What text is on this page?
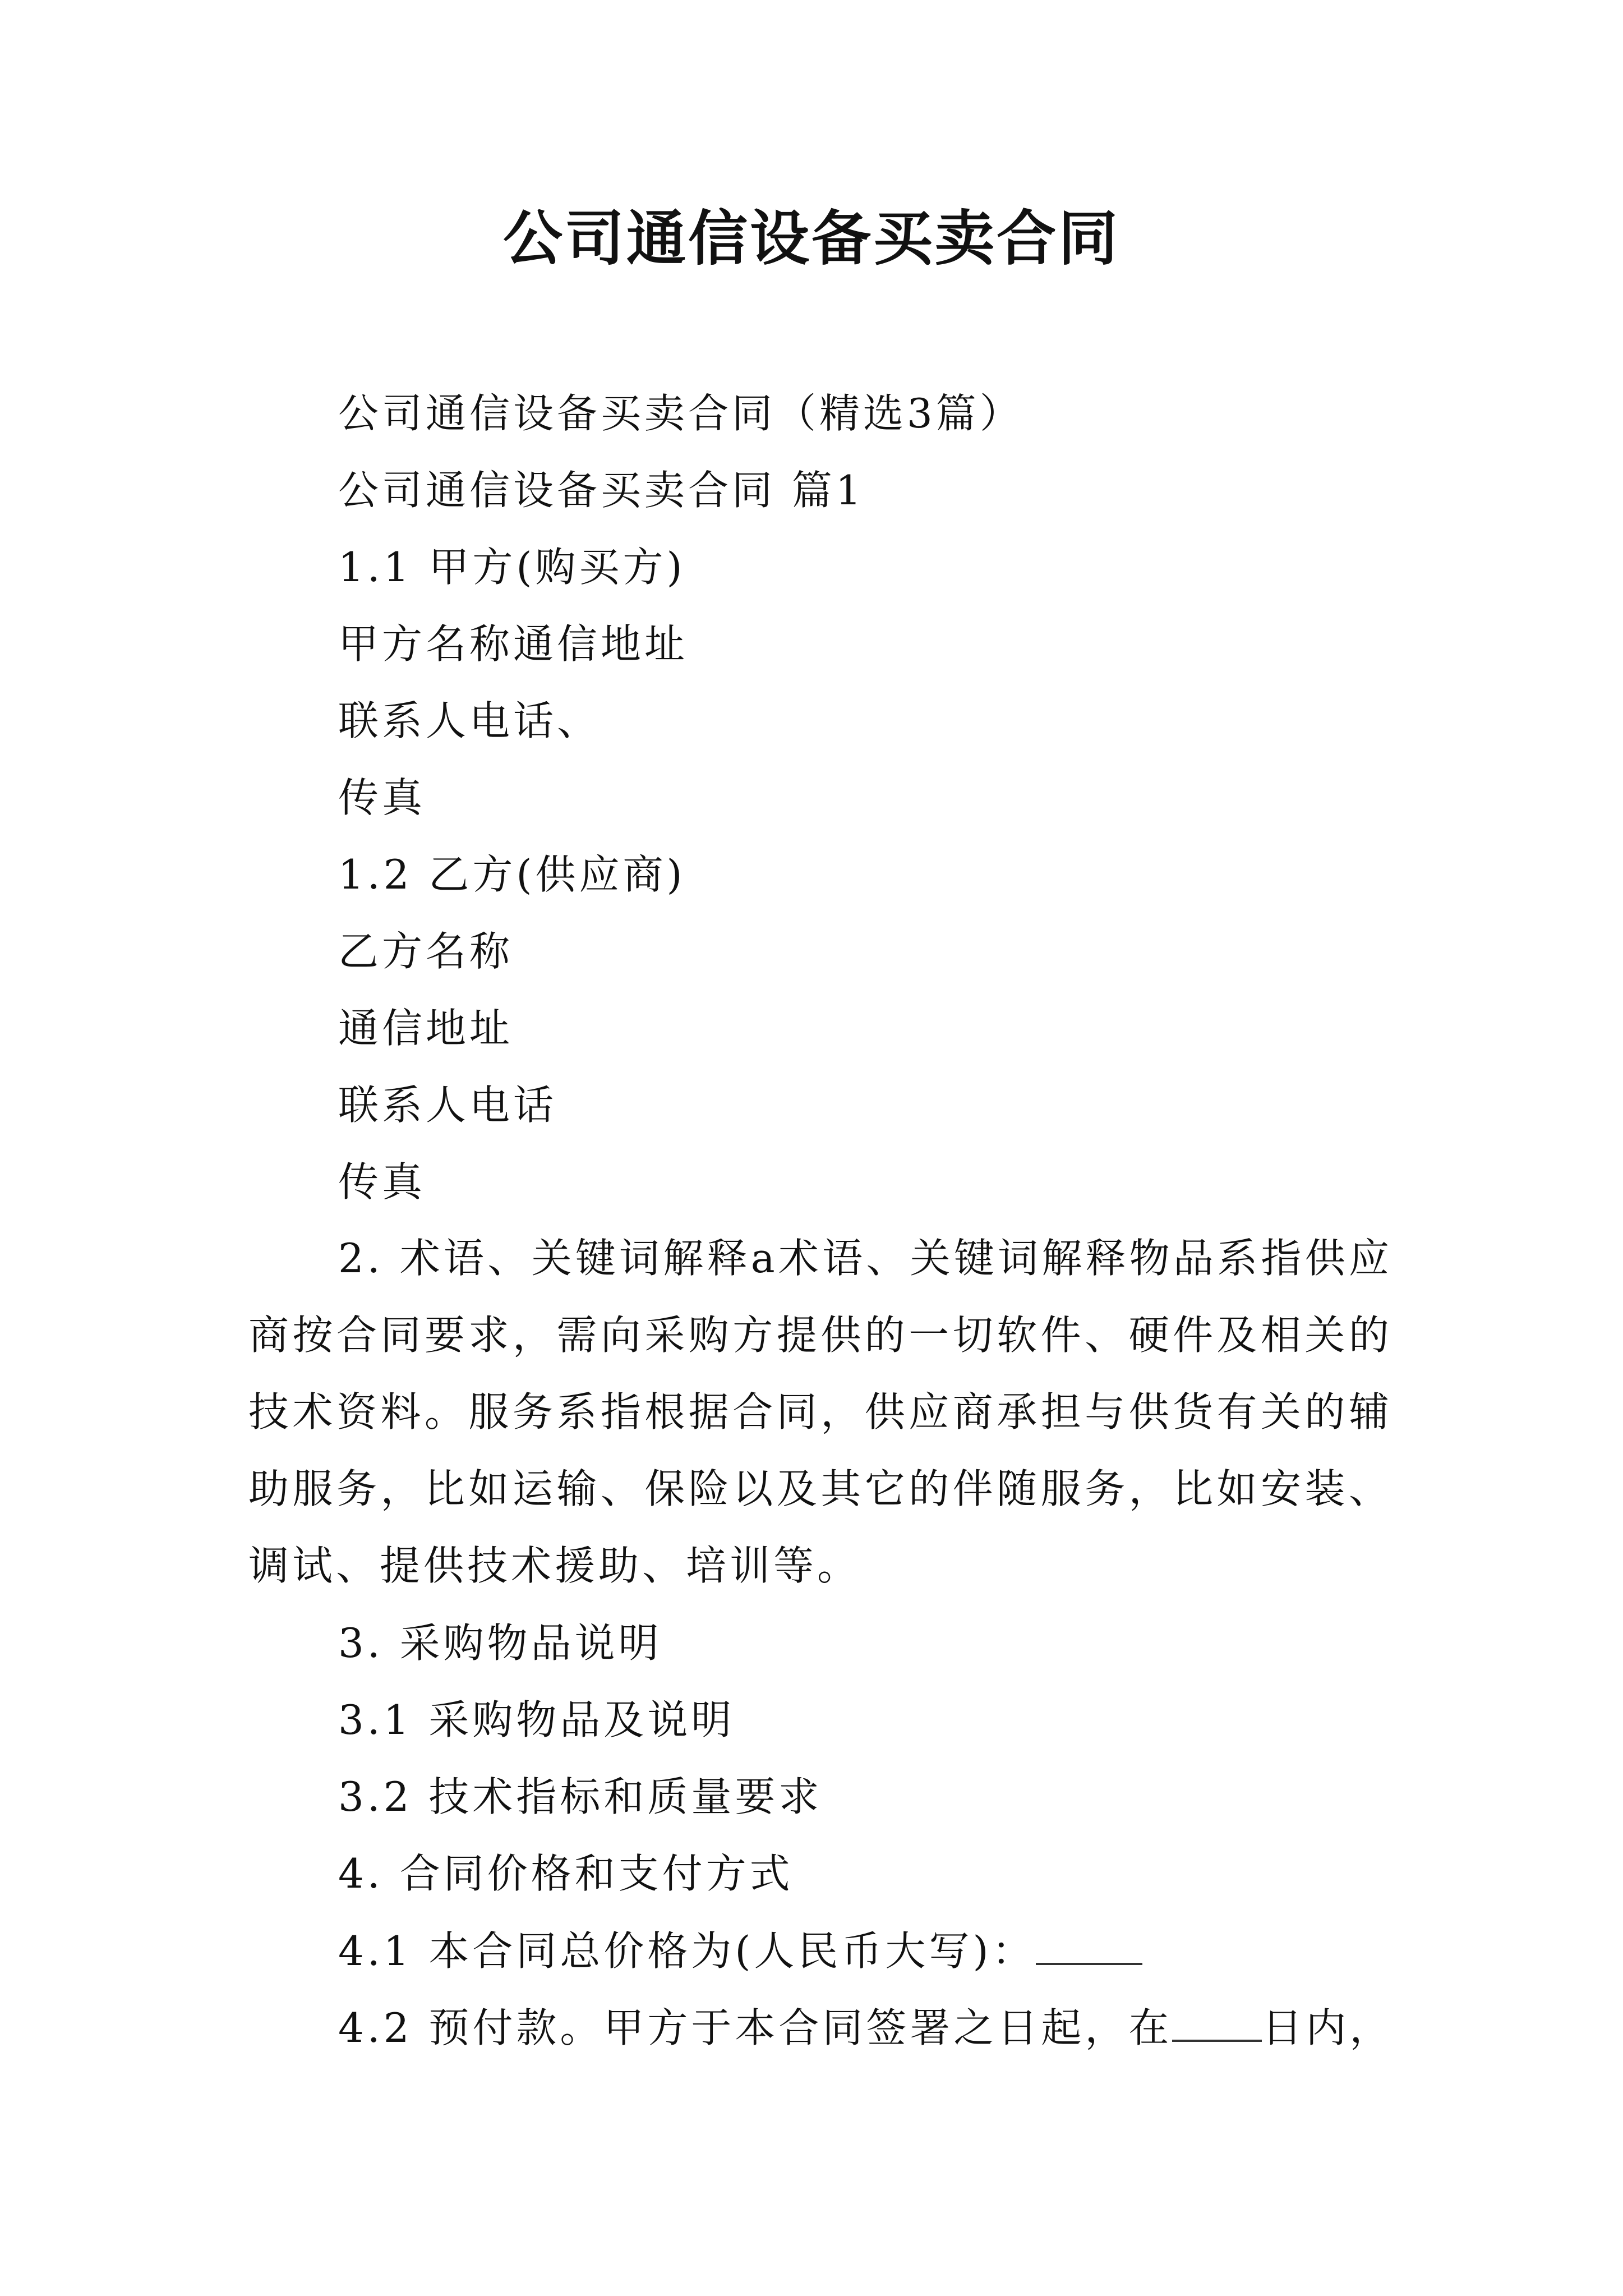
公司通信设备买卖合同
公司通信设备买卖合同（精选3篇）
公司通信设备买卖合同 篇1
1.1 甲方(购买方)
甲方名称通信地址
联系人电话、
传真
1.2 乙方(供应商)
乙方名称
通信地址
联系人电话
传真
2. 术语、关键词解释a术语、关键词解释物品系指供应商按合同要求，需向采购方提供的一切软件、硬件及相关的技术资料。服务系指根据合同，供应商承担与供货有关的辅助服务，比如运输、保险以及其它的伴随服务，比如安装、调试、提供技术援助、培训等。
3. 采购物品说明
3.1 采购物品及说明
3.2 技术指标和质量要求
4. 合同价格和支付方式
4.1 本合同总价格为(人民币大写)：
4.2 预付款。甲方于本合同签署之日起，在 日内，
